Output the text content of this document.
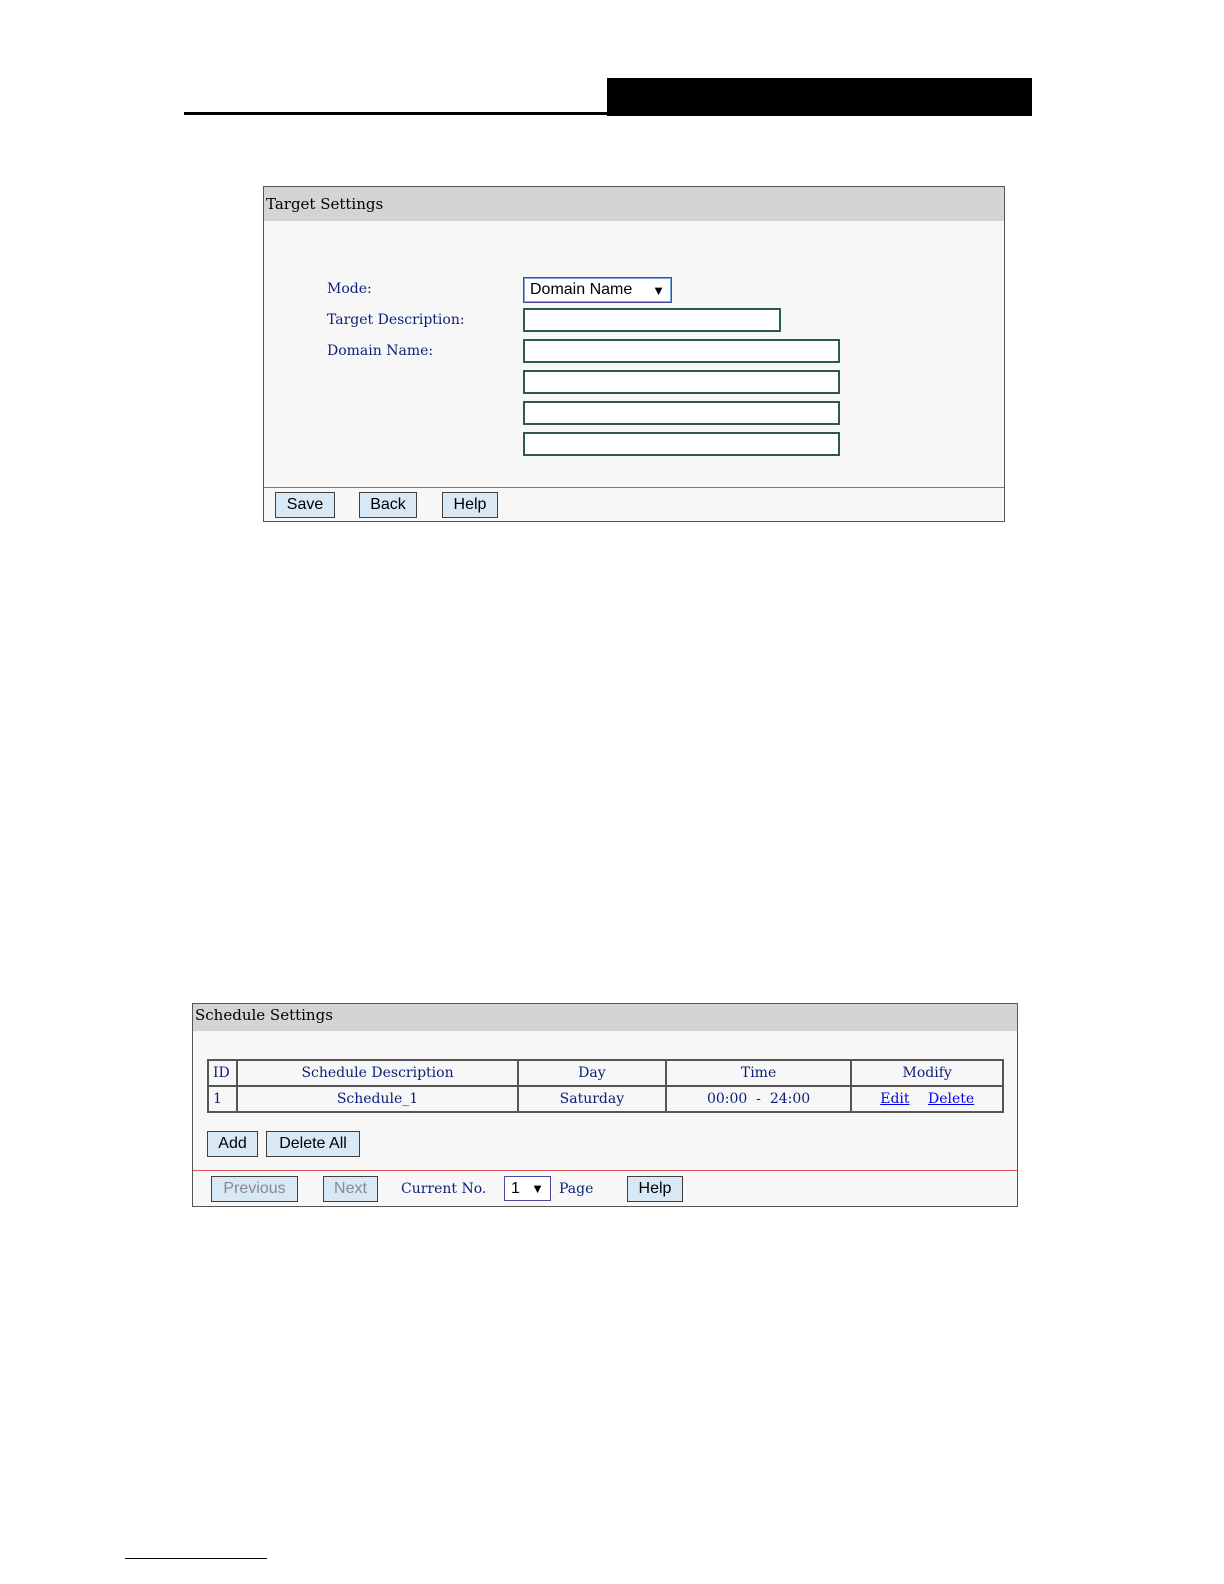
Target Settings
Mode:	Domain Name ▼
Target Description:
Domain Name:
Save	Back	Help
Schedule Settings
ID	Schedule Description	Day	Time	Modify
1	Schedule_1	Saturday	00:00  -  24:00	Edit Delete
Add	Delete All
Previous	Next	Current No. 1 ▼ Page	Help
